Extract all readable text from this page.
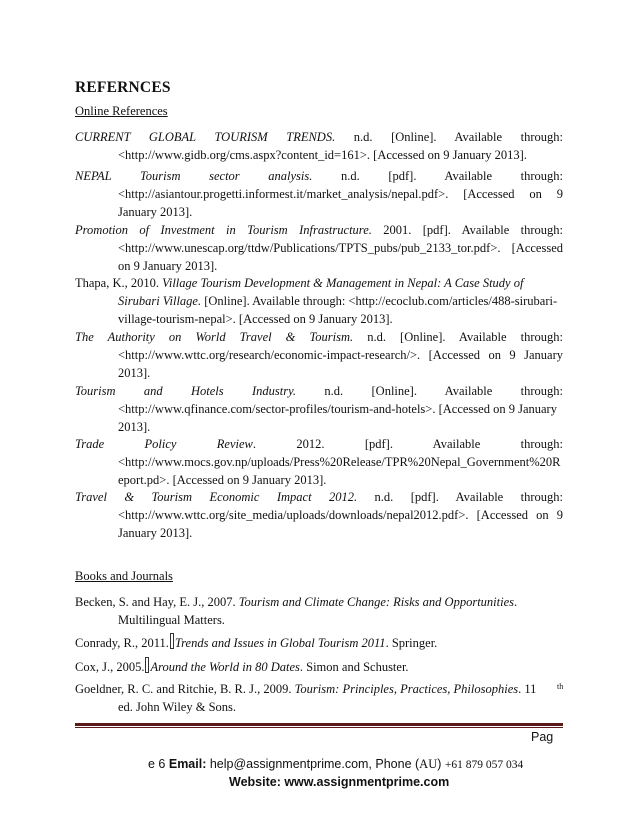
REFERNCES
Online References
CURRENT GLOBAL TOURISM TRENDS. n.d. [Online]. Available through:
<http://www.gidb.org/cms.aspx?content_id=161>. [Accessed on 9 January 2013].
NEPAL Tourism sector analysis. n.d. [pdf]. Available through:
<http://asiantour.progetti.informest.it/market_analysis/nepal.pdf>. [Accessed on 9
January 2013].
Promotion of Investment in Tourism Infrastructure. 2001. [pdf]. Available through:
<http://www.unescap.org/ttdw/Publications/TPTS_pubs/pub_2133_tor.pdf>. [Accessed
on 9 January 2013].
Thapa, K., 2010. Village Tourism Development & Management in Nepal: A Case Study of
Sirubari Village. [Online]. Available through: <http://ecoclub.com/articles/488-sirubari-
village-tourism-nepal>. [Accessed on 9 January 2013].
The Authority on World Travel & Tourism. n.d. [Online]. Available through:
<http://www.wttc.org/research/economic-impact-research/>. [Accessed on 9 January
2013].
Tourism and Hotels Industry. n.d. [Online]. Available through:
<http://www.qfinance.com/sector-profiles/tourism-and-hotels>. [Accessed on 9 January
2013].
Trade Policy Review. 2012. [pdf]. Available through:
<http://www.mocs.gov.np/uploads/Press%20Release/TPR%20Nepal_Government%20R
eport.pd>. [Accessed on 9 January 2013].
Travel & Tourism Economic Impact 2012. n.d. [pdf]. Available through:
<http://www.wttc.org/site_media/uploads/downloads/nepal2012.pdf>. [Accessed on 9
January 2013].
Books and Journals
Becken, S. and Hay, E. J., 2007. Tourism and Climate Change: Risks and Opportunities.
Multilingual Matters.
Conrady, R., 2011. Trends and Issues in Global Tourism 2011. Springer.
Cox, J., 2005. Around the World in 80 Dates. Simon and Schuster.
Goeldner, R. C. and Ritchie, B. R. J., 2009. Tourism: Principles, Practices, Philosophies. 11
ed. John Wiley & Sons.
th
Pag
e 6 Email: help@assignmentprime.com, Phone (AU) +61 879 057 034
Website: www.assignmentprime.com
